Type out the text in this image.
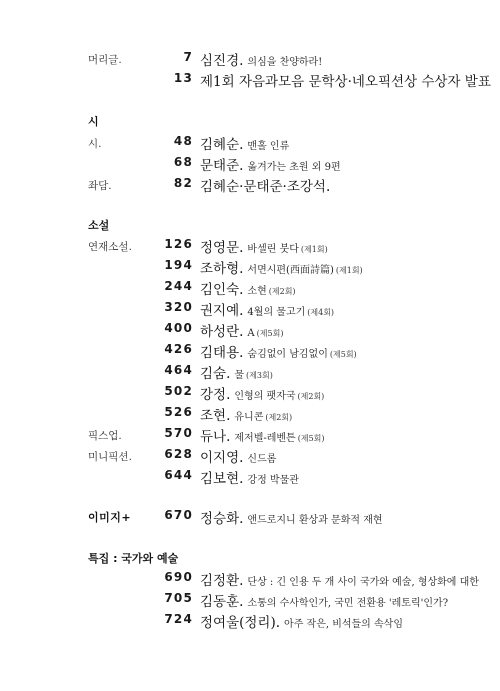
머리글.	7 심진경. 의심을 찬양하라!
13 제1회 자음과모음 문학상·네오픽션상 수상자 발표
시
시.	48 김혜순. 맨홀 인류
68 문태준. 옮겨가는 초원 외 9편
좌담.	82 김혜순·문태준·조강석.
소설
연재소설.	126 정영문. 바셀린 붓다 (제1회)
194 조하형. 서면시편(西面詩篇) (제1회)
244 김인숙. 소현 (제2회)
320 권지예. 4월의 물고기 (제4회)
400 하성란. A (제5회)
426 김태용. 숨김없이 남김없이 (제5회)
464 김숨. 물 (제3회)
502 강정. 인형의 팻자국 (제2회)
526 조현. 유니콘 (제2회)
픽스업.	570 듀나. 제저벨-레벤튼 (제5회)
미니픽션.	628 이지영. 신드롬
644 김보현. 강정 박물관
이미지+	670 정승화. 앤드로지니 환상과 문화적 재현
특집 : 국가와 예술
690 김정환. 단상 : 긴 인용 두 개 사이 국가와 예술, 형상화에 대한
705 김동훈. 소통의 수사학인가, 국민 전환용 '레토릭'인가?
724 정여울(정리). 아주 작은, 비석들의 속삭임
